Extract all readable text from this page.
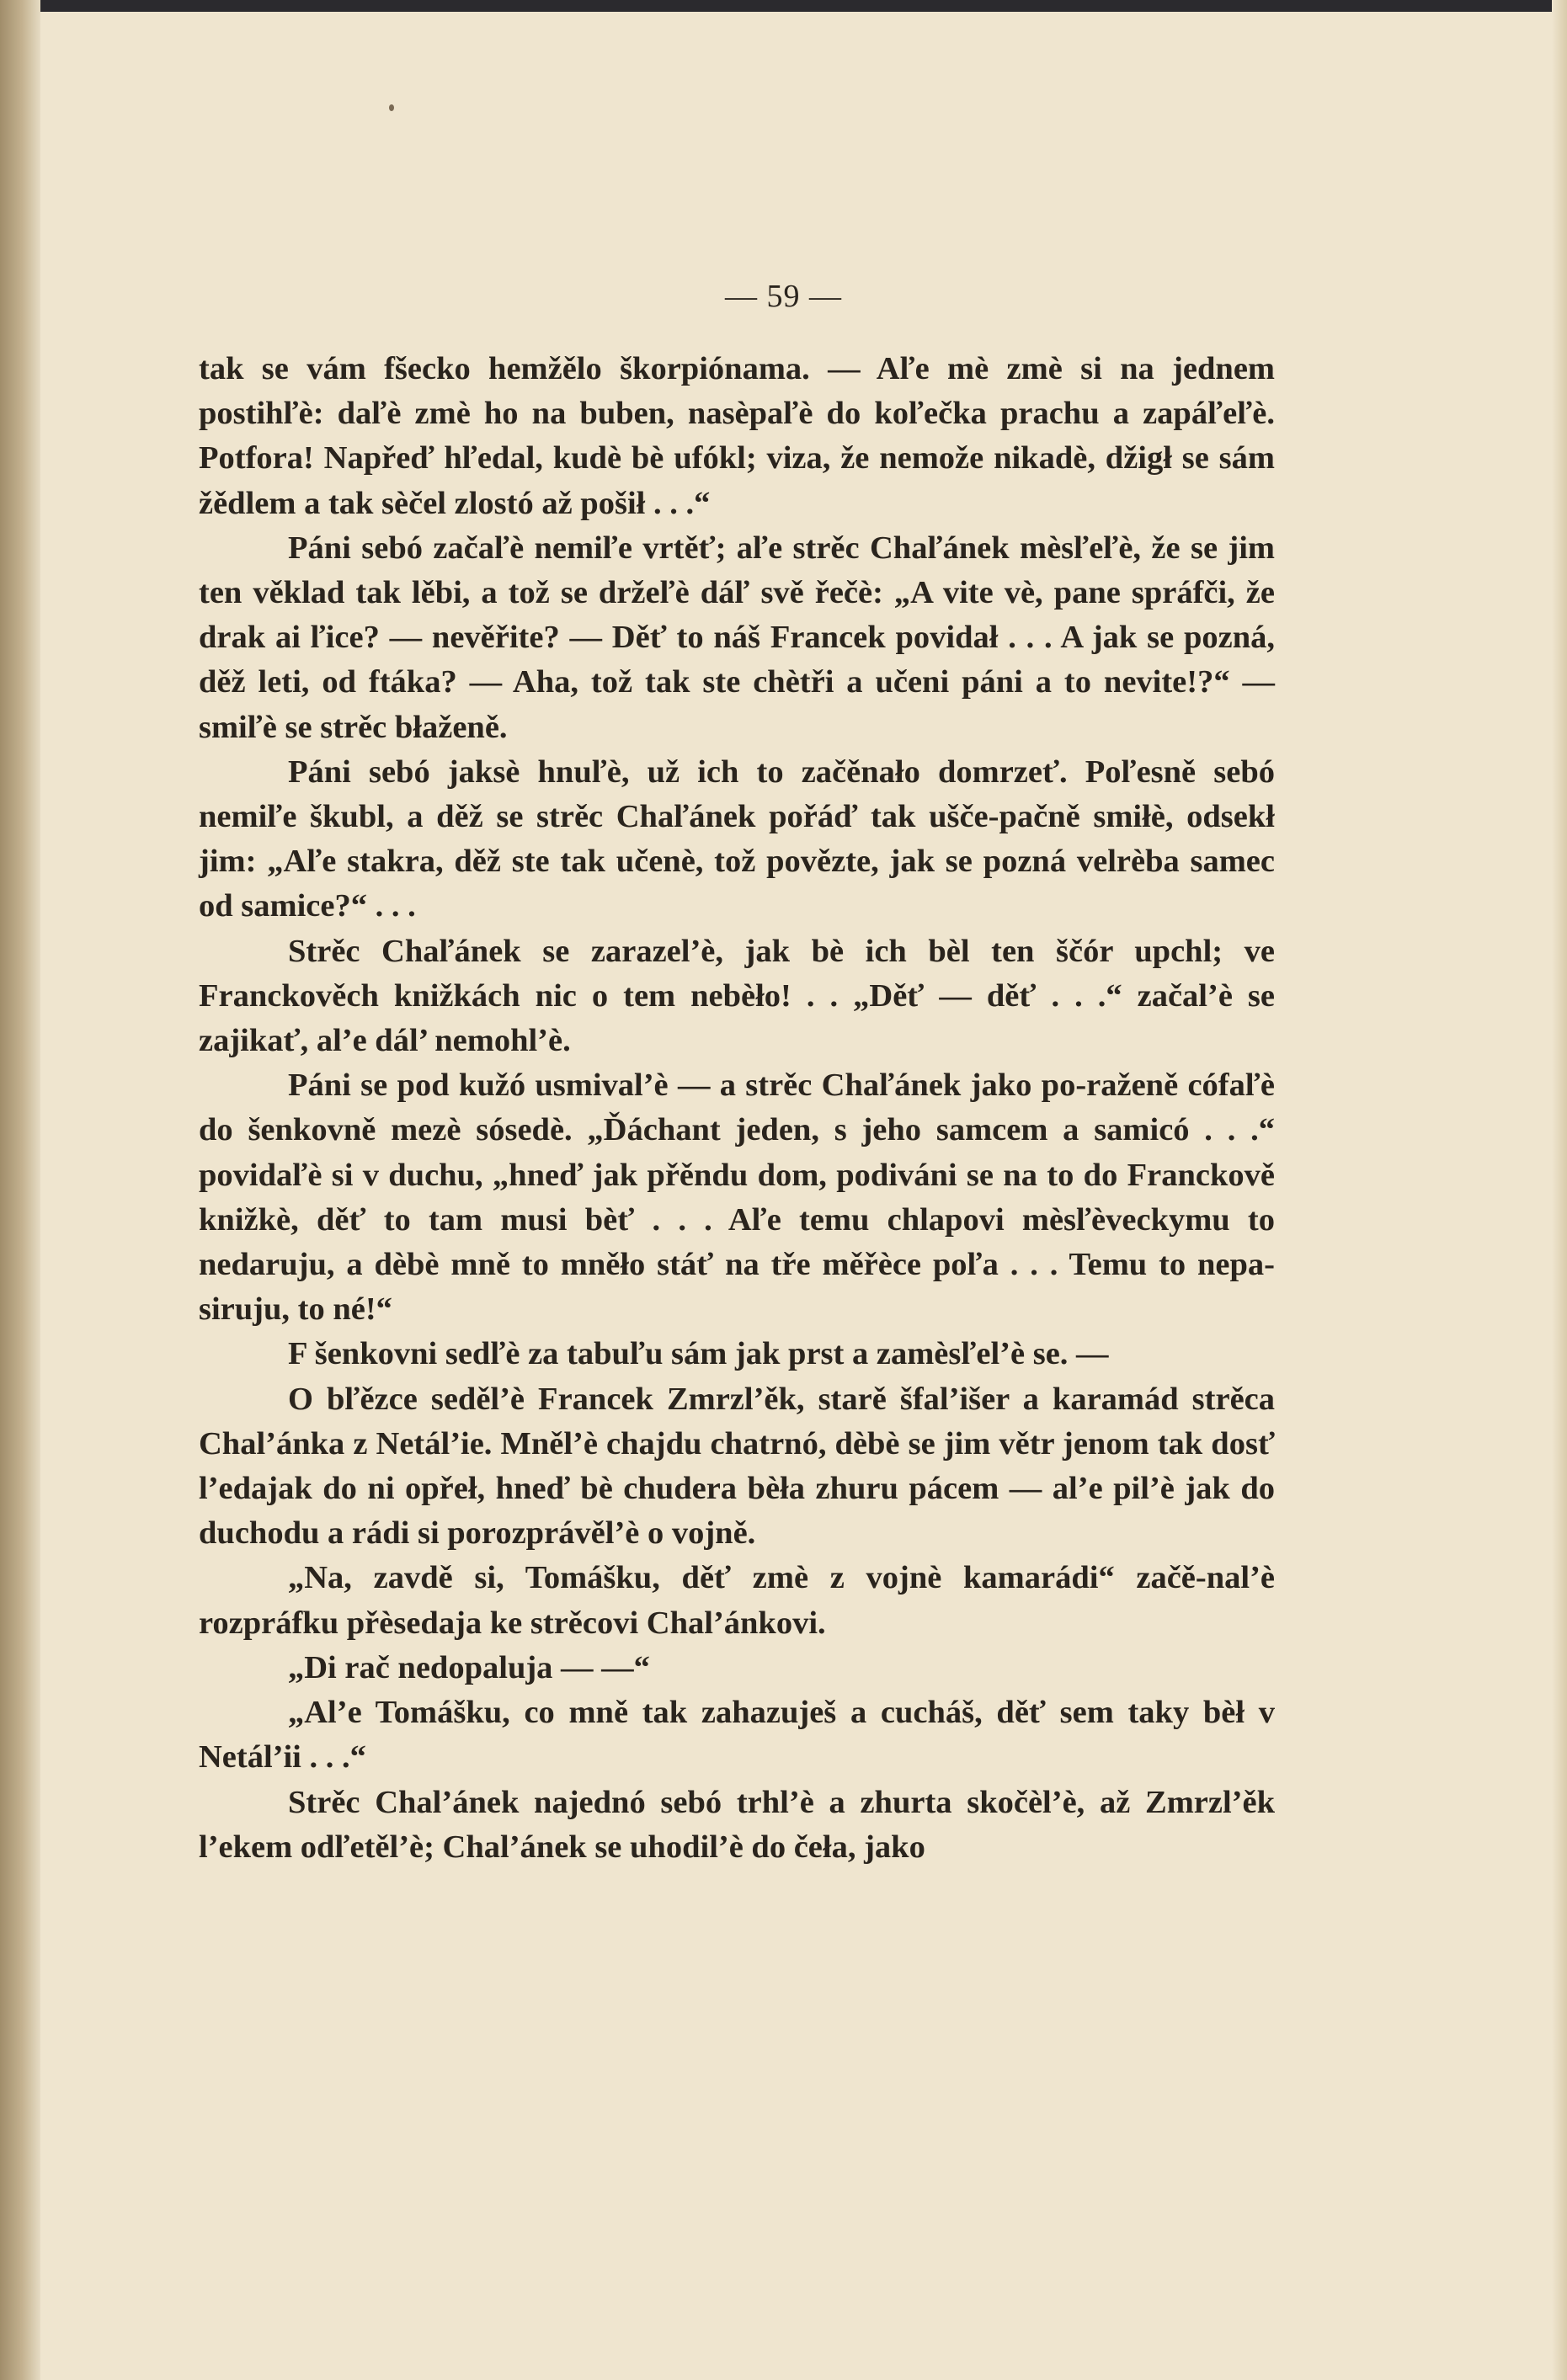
— 59 —

tak se vám fšecko hemžělo škorpiónama. — Aľe mè zmè si na jednem postihľè: daľè zmè ho na buben, nasèpaľè do koľečka prachu a zapáľeľè. Potfora! Napřeď hľedal, kudè bè ufókl; viza, že nemože nikadè, džigł se sám žědlem a tak sèčel zlostó až pošił . . .“

Páni sebó začaľè nemiľe vrtěť; aľe strěc Chaľánek mèsľeľè, že se jim ten věklad tak lěbi, a tož se držeľè dáľ svě řečè: „A vite vè, pane spráfči, že drak ai ľice? — nevěřite? — Děť to náš Francek povidał . . . A jak se pozná, děž leti, od ftáka? — Aha, tož tak ste chètři a učeni páni a to nevite!?“ — smiľè se strěc błaženě.

Páni sebó jaksè hnuľè, už ich to začěnało domrzeť. Poľesně sebó nemiľe škubl, a děž se strěc Chaľánek pořáď tak ušče-pačně smiłè, odsekł jim: „Aľe stakra, děž ste tak učenè, tož povězte, jak se pozná velrèba samec od samice?“ . . .

Strěc Chaľánek se zarazel’è, jak bè ich bèl ten ščór upchl; ve Franckověch knižkách nic o tem nebèło! . . „Děť — děť . . .“ začal’è se zajikať, al’e dál’ nemohl’è.

Páni se pod kužó usmival’è — a strěc Chaľánek jako po-raženě cófaľè do šenkovně mezè sósedè. „Ďáchant jeden, s jeho samcem a samicó . . .“ povidaľè si v duchu, „hneď jak přěndu dom, podiváni se na to do Franckově knižkè, děť to tam musi bèť . . . Aľe temu chlapovi mèsľèveckymu to nedaruju, a dèbè mně to mněło stáť na tře měřèce poľa . . . Temu to nepa-siruju, to né!“

F šenkovni sedľè za tabuľu sám jak prst a zamèsľel’è se. —

O bľězce seděl’è Francek Zmrzl’ěk, starě šfal’išer a karamád strěca Chal’ánka z Netál’ie. Mněl’è chajdu chatrnó, dèbè se jim větr jenom tak dosť l’edajak do ni opřeł, hneď bè chudera bèła zhuru pácem — al’e pil’è jak do duchodu a rádi si porozprávěl’è o vojně.

„Na, zavdě si, Tomášku, děť zmè z vojnè kamarádi“ začě-nal’è rozpráfku přèsedaja ke strěcovi Chal’ánkovi.

„Di rač nedopaluja — —“

„Al’e Tomášku, co mně tak zahazuješ a cucháš, děť sem taky bèł v Netál’ii . . .“

Strěc Chal’ánek najednó sebó trhl’è a zhurta skočèl’è, až Zmrzl’ěk l’ekem odľetěl’è; Chal’ánek se uhodil’è do čeła, jako
